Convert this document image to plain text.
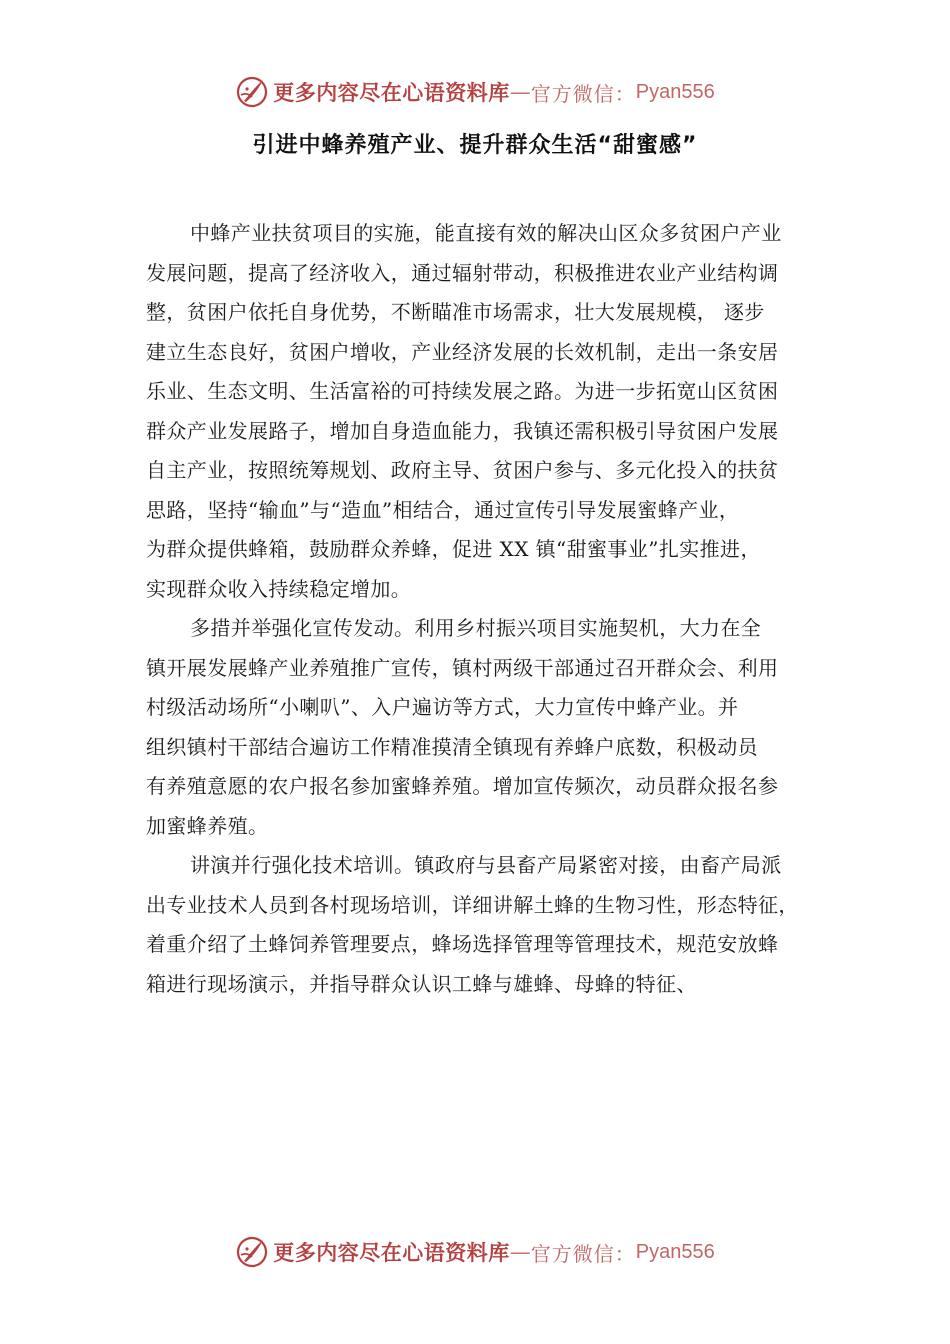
更多内容尽在心语资料库 — 官方微信： Pyan556
引进中蜂养殖产业、提升群众生活“甜蜜感”

中蜂产业扶贫项目的实施，能直接有效的解决山区众多贫困户产业
发展问题，提高了经济收入，通过辐射带动，积极推进农业产业结构调
整，贫困户依托自身优势，不断瞄准市场需求，壮大发展规模， 逐步
建立生态良好，贫困户增收，产业经济发展的长效机制，走出一条安居
乐业、生态文明、生活富裕的可持续发展之路。为进一步拓宽山区贫困
群众产业发展路子，增加自身造血能力，我镇还需积极引导贫困户发展
自主产业，按照统筹规划、政府主导、贫困户参与、多元化投入的扶贫
思路，坚持“输血”与“造血”相结合，通过宣传引导发展蜜蜂产业，
为群众提供蜂箱，鼓励群众养蜂，促进 XX 镇“甜蜜事业”扎实推进，
实现群众收入持续稳定增加。

多措并举强化宣传发动。利用乡村振兴项目实施契机，大力在全
镇开展发展蜂产业养殖推广宣传，镇村两级干部通过召开群众会、利用
村级活动场所“小喇叭”、入户遍访等方式，大力宣传中蜂产业。并
组织镇村干部结合遍访工作精准摸清全镇现有养蜂户底数，积极动员
有养殖意愿的农户报名参加蜜蜂养殖。增加宣传频次，动员群众报名参
加蜜蜂养殖。

讲演并行强化技术培训。镇政府与县畜产局紧密对接，由畜产局派
出专业技术人员到各村现场培训，详细讲解土蜂的生物习性，形态特征，
着重介绍了土蜂饲养管理要点，蜂场选择管理等管理技术，规范安放蜂
箱进行现场演示，并指导群众认识工蜂与雄蜂、母蜂的特征、

更多内容尽在心语资料库 — 官方微信： Pyan556
